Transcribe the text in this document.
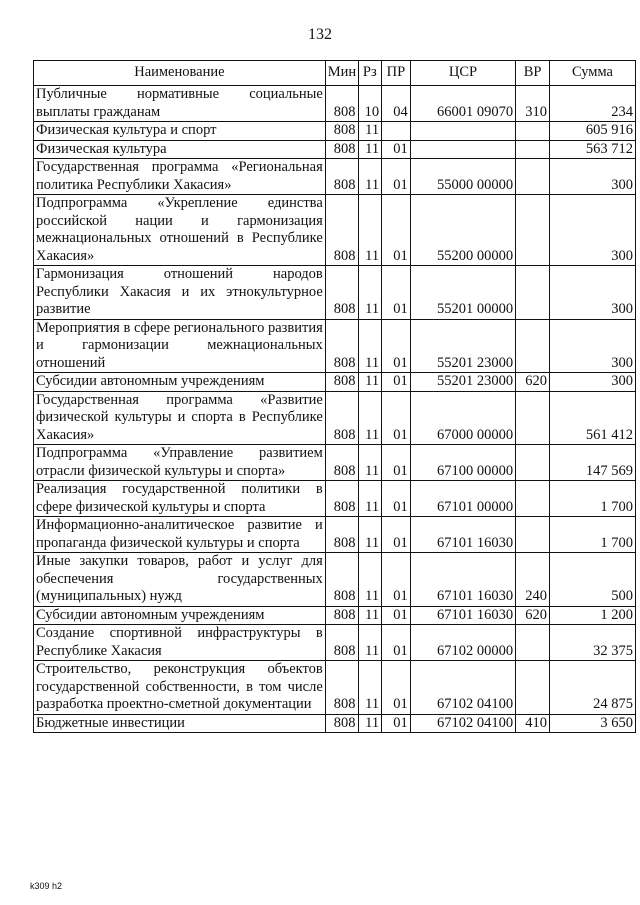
132
Наименование	Мин	Рз	ПР	ЦСР	ВР	Сумма
Публичные нормативные социальные выплаты гражданам	808	10	04	66001 09070	310	234
Физическая культура и спорт	808	11				605 916
Физическая культура	808	11	01			563 712
Государственная программа «Региональная политика Республики Хакасия»	808	11	01	55000 00000		300
Подпрограмма «Укрепление единства российской нации и гармонизация межнациональных отношений в Республике Хакасия»	808	11	01	55200 00000		300
Гармонизация отношений народов Республики Хакасия и их этнокультурное развитие	808	11	01	55201 00000		300
Мероприятия в сфере регионального развития и гармонизации межнациональных отношений	808	11	01	55201 23000		300
Субсидии автономным учреждениям	808	11	01	55201 23000	620	300
Государственная программа «Развитие физической культуры и спорта в Республике Хакасия»	808	11	01	67000 00000		561 412
Подпрограмма «Управление развитием отрасли физической культуры и спорта»	808	11	01	67100 00000		147 569
Реализация государственной политики в сфере физической культуры и спорта	808	11	01	67101 00000		1 700
Информационно-аналитическое развитие и пропаганда физической культуры и спорта	808	11	01	67101 16030		1 700
Иные закупки товаров, работ и услуг для обеспечения государственных (муниципальных) нужд	808	11	01	67101 16030	240	500
Субсидии автономным учреждениям	808	11	01	67101 16030	620	1 200
Создание спортивной инфраструктуры в Республике Хакасия	808	11	01	67102 00000		32 375
Строительство, реконструкция объектов государственной собственности, в том числе разработка проектно-сметной документации	808	11	01	67102 04100		24 875
Бюджетные инвестиции	808	11	01	67102 04100	410	3 650
k309 h2
